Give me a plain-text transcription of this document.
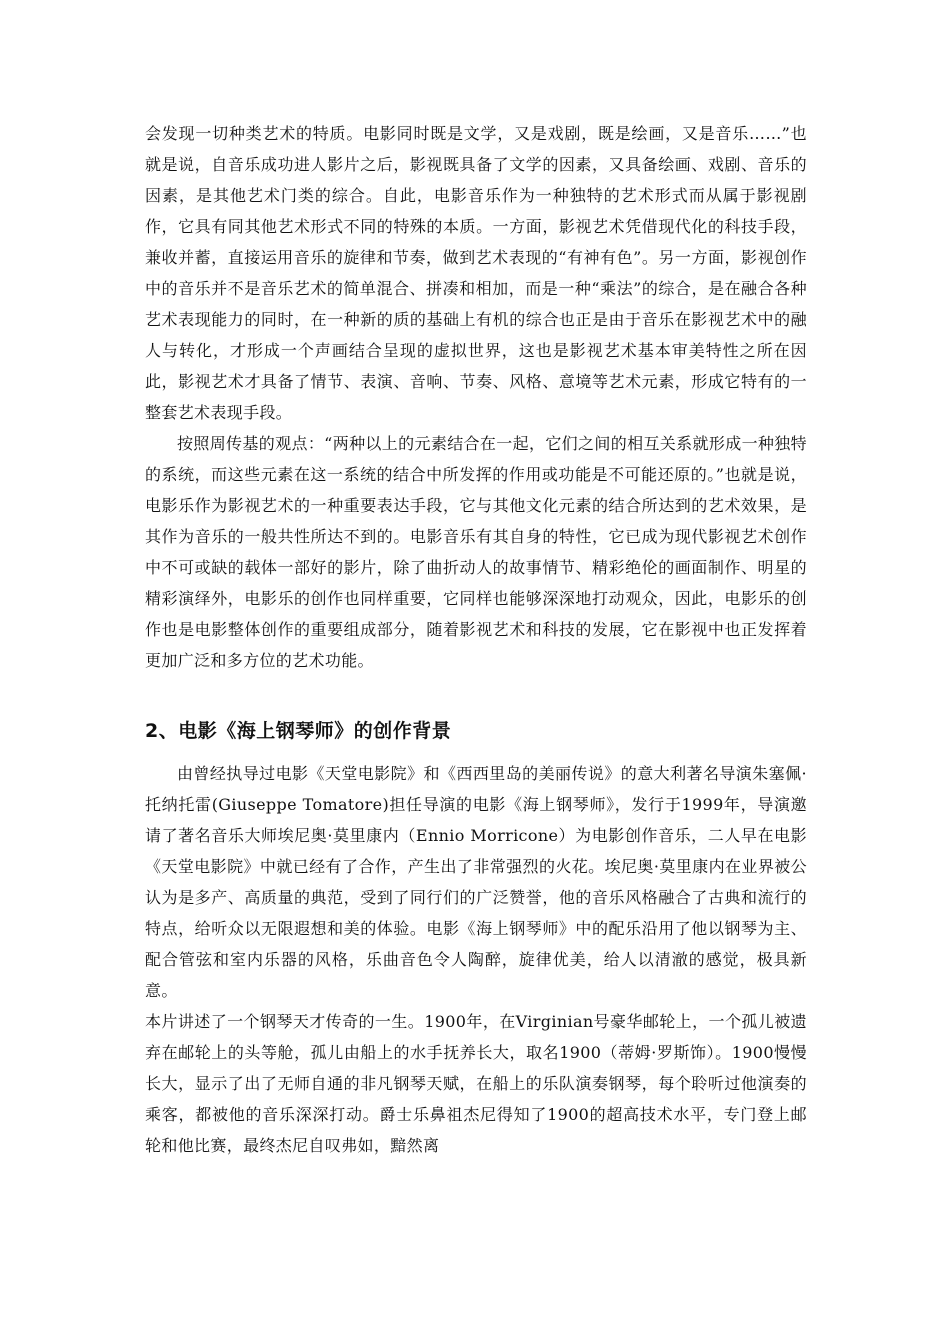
会发现一切种类艺术的特质。电影同时既是文学，又是戏剧，既是绘画，又是音乐……”也就是说，自音乐成功进人影片之后，影视既具备了文学的因素，又具备绘画、戏剧、音乐的因素，是其他艺术门类的综合。自此，电影音乐作为一种独特的艺术形式而从属于影视剧作，它具有同其他艺术形式不同的特殊的本质。一方面，影视艺术凭借现代化的科技手段，兼收并蓄，直接运用音乐的旋律和节奏，做到艺术表现的“有神有色”。另一方面，影视创作中的音乐并不是音乐艺术的简单混合、拼凑和相加，而是一种“乘法”的综合，是在融合各种艺术表现能力的同时，在一种新的质的基础上有机的综合也正是由于音乐在影视艺术中的融人与转化，才形成一个声画结合呈现的虚拟世界，这也是影视艺术基本审美特性之所在因此，影视艺术才具备了情节、表演、音响、节奏、风格、意境等艺术元素，形成它特有的一整套艺术表现手段。

按照周传基的观点：“两种以上的元素结合在一起，它们之间的相互关系就形成一种独特的系统，而这些元素在这一系统的结合中所发挥的作用或功能是不可能还原的。”也就是说，电影乐作为影视艺术的一种重要表达手段，它与其他文化元素的结合所达到的艺术效果，是其作为音乐的一般共性所达不到的。电影音乐有其自身的特性，它已成为现代影视艺术创作中不可或缺的载体一部好的影片，除了曲折动人的故事情节、精彩绝伦的画面制作、明星的精彩演绎外，电影乐的创作也同样重要，它同样也能够深深地打动观众，因此，电影乐的创作也是电影整体创作的重要组成部分，随着影视艺术和科技的发展，它在影视中也正发挥着更加广泛和多方位的艺术功能。

2、电影《海上钢琴师》的创作背景

由曾经执导过电影《天堂电影院》和《西西里岛的美丽传说》的意大利著名导演朱塞佩·托纳托雷(Giuseppe Tomatore)担任导演的电影《海上钢琴师》，发行于1999年，导演邀请了著名音乐大师埃尼奥·莫里康内（Ennio Morricone）为电影创作音乐，二人早在电影《天堂电影院》中就已经有了合作，产生出了非常强烈的火花。埃尼奥·莫里康内在业界被公认为是多产、高质量的典范，受到了同行们的广泛赞誉，他的音乐风格融合了古典和流行的特点，给听众以无限遐想和美的体验。电影《海上钢琴师》中的配乐沿用了他以钢琴为主、配合管弦和室内乐器的风格，乐曲音色令人陶醉，旋律优美，给人以清澈的感觉，极具新意。

本片讲述了一个钢琴天才传奇的一生。1900年，在Virginian号豪华邮轮上，一个孤儿被遗弃在邮轮上的头等舱，孤儿由船上的水手抚养长大，取名1900（蒂姆·罗斯饰）。1900慢慢长大，显示了出了无师自通的非凡钢琴天赋，在船上的乐队演奏钢琴，每个聆听过他演奏的乘客，都被他的音乐深深打动。爵士乐鼻祖杰尼得知了1900的超高技术水平，专门登上邮轮和他比赛，最终杰尼自叹弗如，黯然离
